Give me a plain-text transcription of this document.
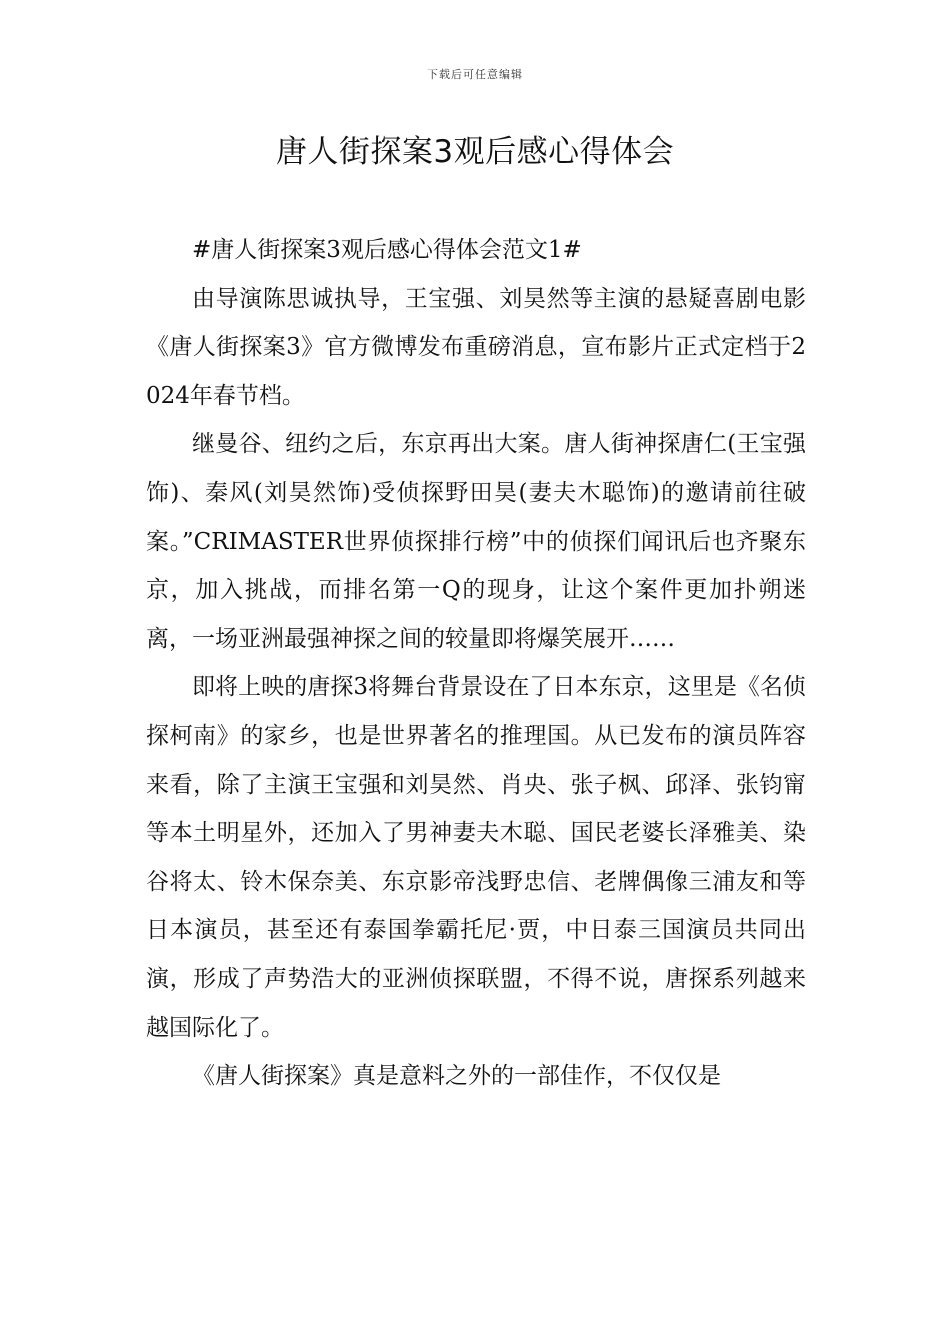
下载后可任意编辑
唐人街探案3观后感心得体会

#唐人街探案3观后感心得体会范文1#

由导演陈思诚执导，王宝强、刘昊然等主演的悬疑喜剧电影《唐人街探案3》官方微博发布重磅消息，宣布影片正式定档于2024年春节档。

继曼谷、纽约之后，东京再出大案。唐人街神探唐仁(王宝强饰)、秦风(刘昊然饰)受侦探野田昊(妻夫木聪饰)的邀请前往破案。”CRIMASTER世界侦探排行榜”中的侦探们闻讯后也齐聚东京，加入挑战，而排名第一Q的现身，让这个案件更加扑朔迷离，一场亚洲最强神探之间的较量即将爆笑展开……

即将上映的唐探3将舞台背景设在了日本东京，这里是《名侦探柯南》的家乡，也是世界著名的推理国。从已发布的演员阵容来看，除了主演王宝强和刘昊然、肖央、张子枫、邱泽、张钧甯等本土明星外，还加入了男神妻夫木聪、国民老婆长泽雅美、染谷将太、铃木保奈美、东京影帝浅野忠信、老牌偶像三浦友和等日本演员，甚至还有泰国拳霸托尼·贾，中日泰三国演员共同出演，形成了声势浩大的亚洲侦探联盟，不得不说，唐探系列越来越国际化了。

《唐人街探案》真是意料之外的一部佳作，不仅仅是
